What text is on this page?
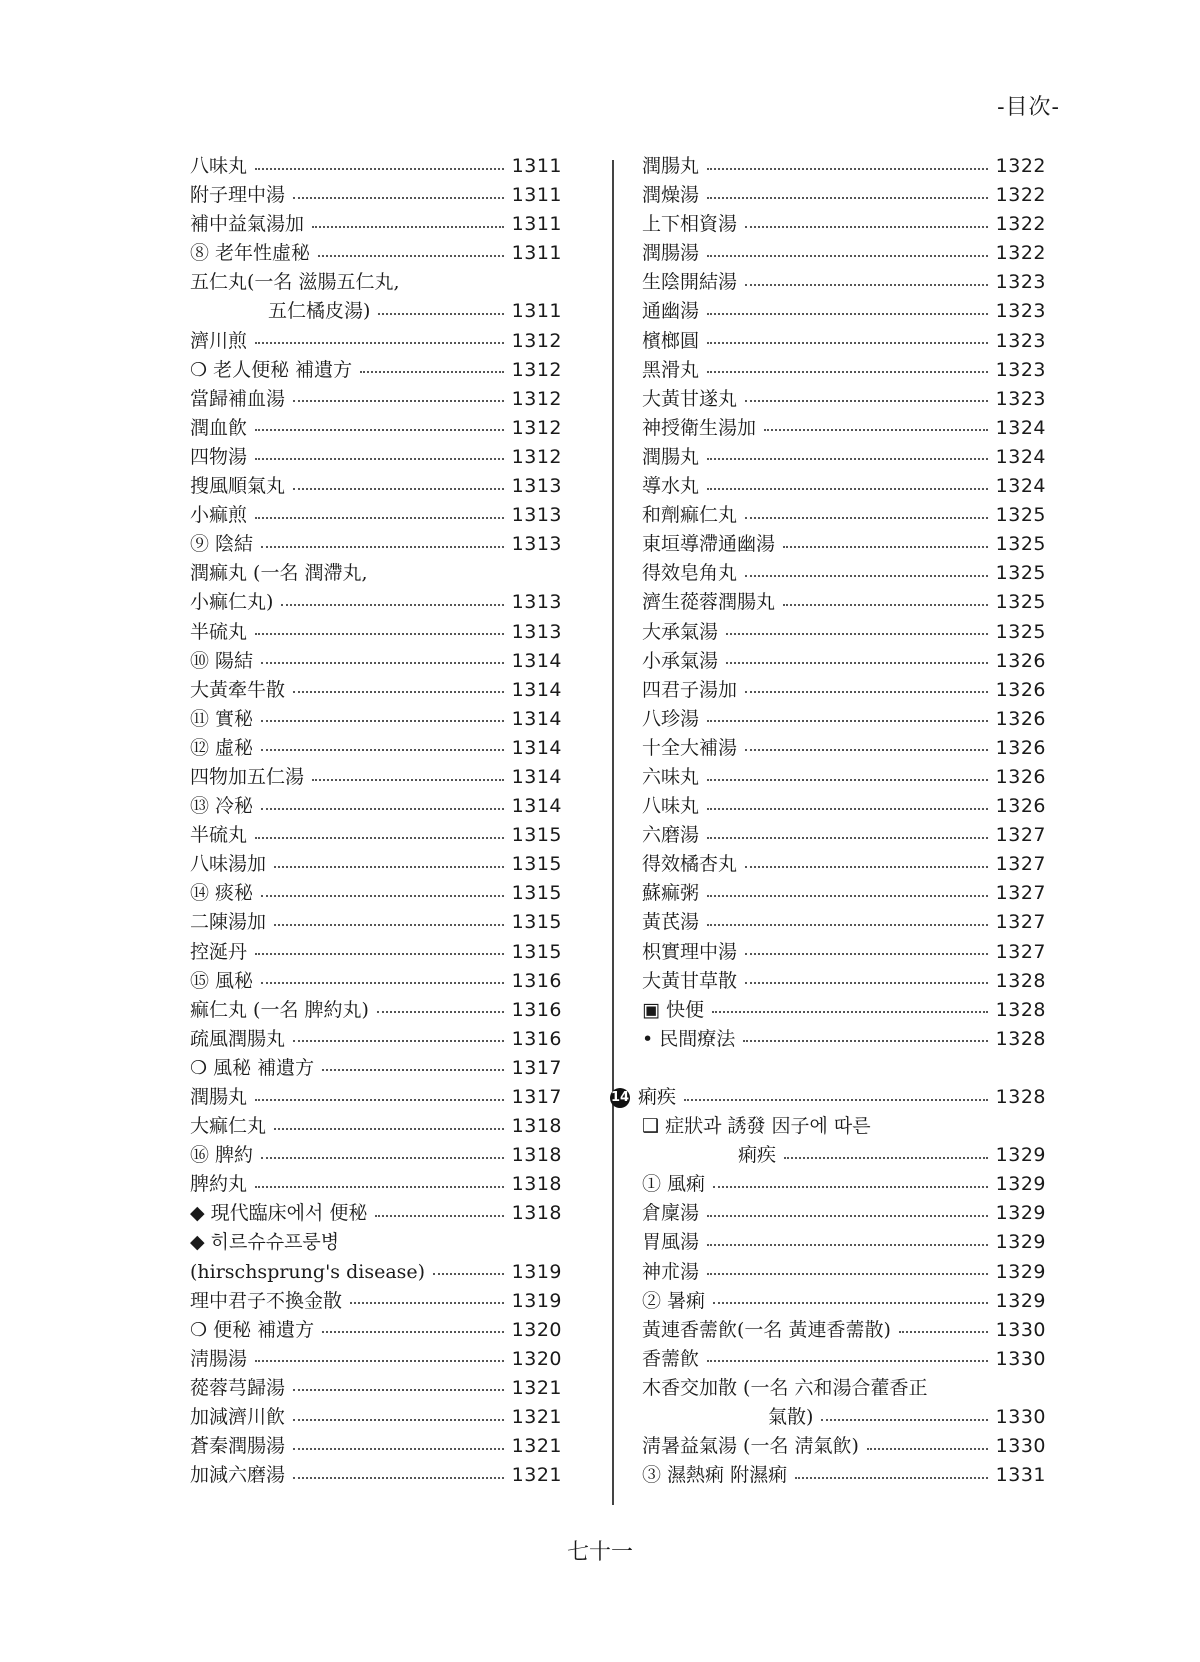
-目次-
八味丸	1311
附子理中湯	1311
補中益氣湯加	1311
⑧ 老年性虛秘	1311
五仁丸(一名 滋腸五仁丸,
五仁橘皮湯)	1311
濟川煎	1312
❍ 老人便秘 補遺方	1312
當歸補血湯	1312
潤血飮	1312
四物湯	1312
搜風順氣丸	1313
小痲煎	1313
⑨ 陰結	1313
潤痲丸 (一名 潤滯丸,
小痲仁丸)	1313
半硫丸	1313
⑩ 陽結	1314
大黃牽牛散	1314
⑪ 實秘	1314
⑫ 虛秘	1314
四物加五仁湯	1314
⑬ 冷秘	1314
半硫丸	1315
八味湯加	1315
⑭ 痰秘	1315
二陳湯加	1315
控涎丹	1315
⑮ 風秘	1316
痲仁丸 (一名 脾約丸)	1316
疏風潤腸丸	1316
❍ 風秘 補遺方	1317
潤腸丸	1317
大痲仁丸	1318
⑯ 脾約	1318
脾約丸	1318
◆ 現代臨床에서 便秘	1318
◆ 히르슈슈프룽병
(hirschsprung's disease)	1319
理中君子不換金散	1319
❍ 便秘 補遺方	1320
淸腸湯	1320
蓯蓉芎歸湯	1321
加減濟川飮	1321
蒼秦潤腸湯	1321
加減六磨湯	1321
潤腸丸	1322
潤燥湯	1322
上下相資湯	1322
潤腸湯	1322
生陰開結湯	1323
通幽湯	1323
檳榔圓	1323
黑滑丸	1323
大黃甘遂丸	1323
神授衛生湯加	1324
潤腸丸	1324
導水丸	1324
和劑痲仁丸	1325
東垣導滯通幽湯	1325
得效皂角丸	1325
濟生蓯蓉潤腸丸	1325
大承氣湯	1325
小承氣湯	1326
四君子湯加	1326
八珍湯	1326
十全大補湯	1326
六味丸	1326
八味丸	1326
六磨湯	1327
得效橘杏丸	1327
蘇痲粥	1327
黃芪湯	1327
枳實理中湯	1327
大黃甘草散	1328
▣ 快便	1328
• 民間療法	1328
14 痢疾	1328
❑ 症狀과 誘發 因子에 따른
痢疾	1329
① 風痢	1329
倉廩湯	1329
胃風湯	1329
神朮湯	1329
② 暑痢	1329
黃連香薷飮(一名 黃連香薷散)	1330
香薷飮	1330
木香交加散 (一名 六和湯合藿香正
氣散)	1330
淸暑益氣湯 (一名 淸氣飮)	1330
③ 濕熱痢 附濕痢	1331
七十一
